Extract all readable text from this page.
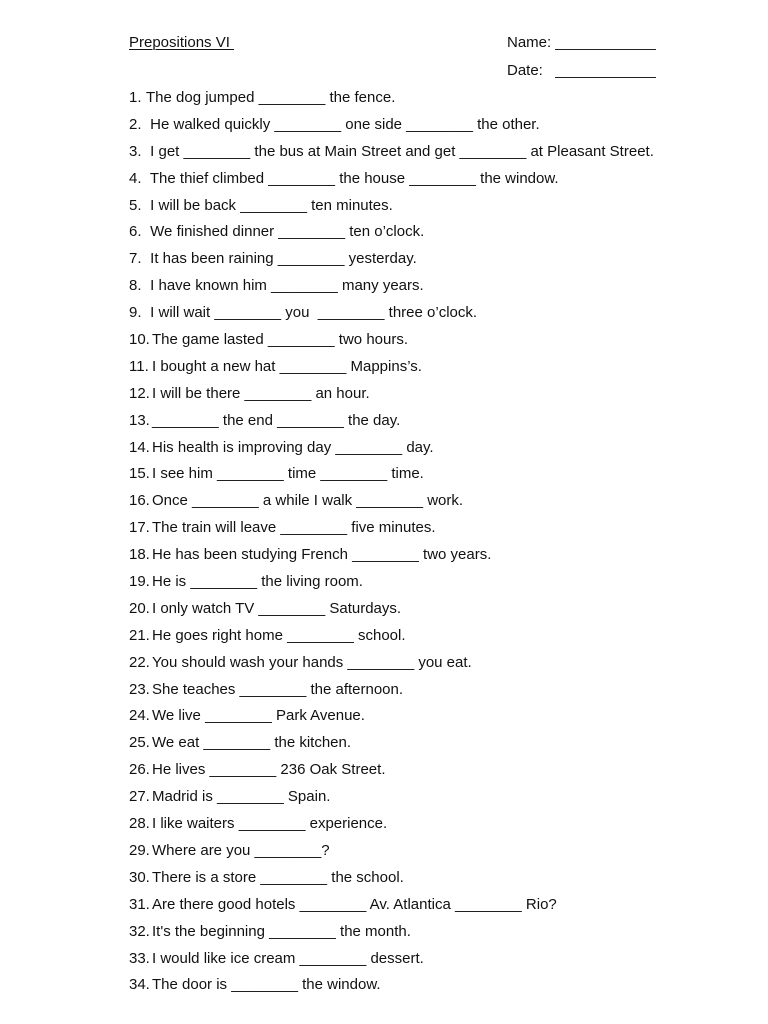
Prepositions VI	Name:
Date:
1. The dog jumped ________ the fence.
2. He walked quickly ________ one side ________ the other.
3. I get ________ the bus at Main Street and get ________ at Pleasant Street.
4. The thief climbed ________ the house ________ the window.
5. I will be back ________ ten minutes.
6. We finished dinner ________ ten o’clock.
7. It has been raining ________ yesterday.
8. I have known him ________ many years.
9. I will wait ________ you  ________ three o’clock.
10. The game lasted ________ two hours.
11. I bought a new hat ________ Mappins’s.
12. I will be there ________ an hour.
13. ________ the end ________ the day.
14. His health is improving day ________ day.
15. I see him ________ time ________ time.
16. Once ________ a while I walk ________ work.
17. The train will leave ________ five minutes.
18. He has been studying French ________ two years.
19. He is ________ the living room.
20. I only watch TV ________ Saturdays.
21. He goes right home ________ school.
22. You should wash your hands ________ you eat.
23. She teaches ________ the afternoon.
24. We live ________ Park Avenue.
25. We eat ________ the kitchen.
26. He lives ________ 236 Oak Street.
27. Madrid is ________ Spain.
28. I like waiters ________ experience.
29. Where are you ________?
30. There is a store ________ the school.
31. Are there good hotels ________ Av. Atlantica ________ Rio?
32. It's the beginning ________ the month.
33. I would like ice cream ________ dessert.
34. The door is ________ the window.
